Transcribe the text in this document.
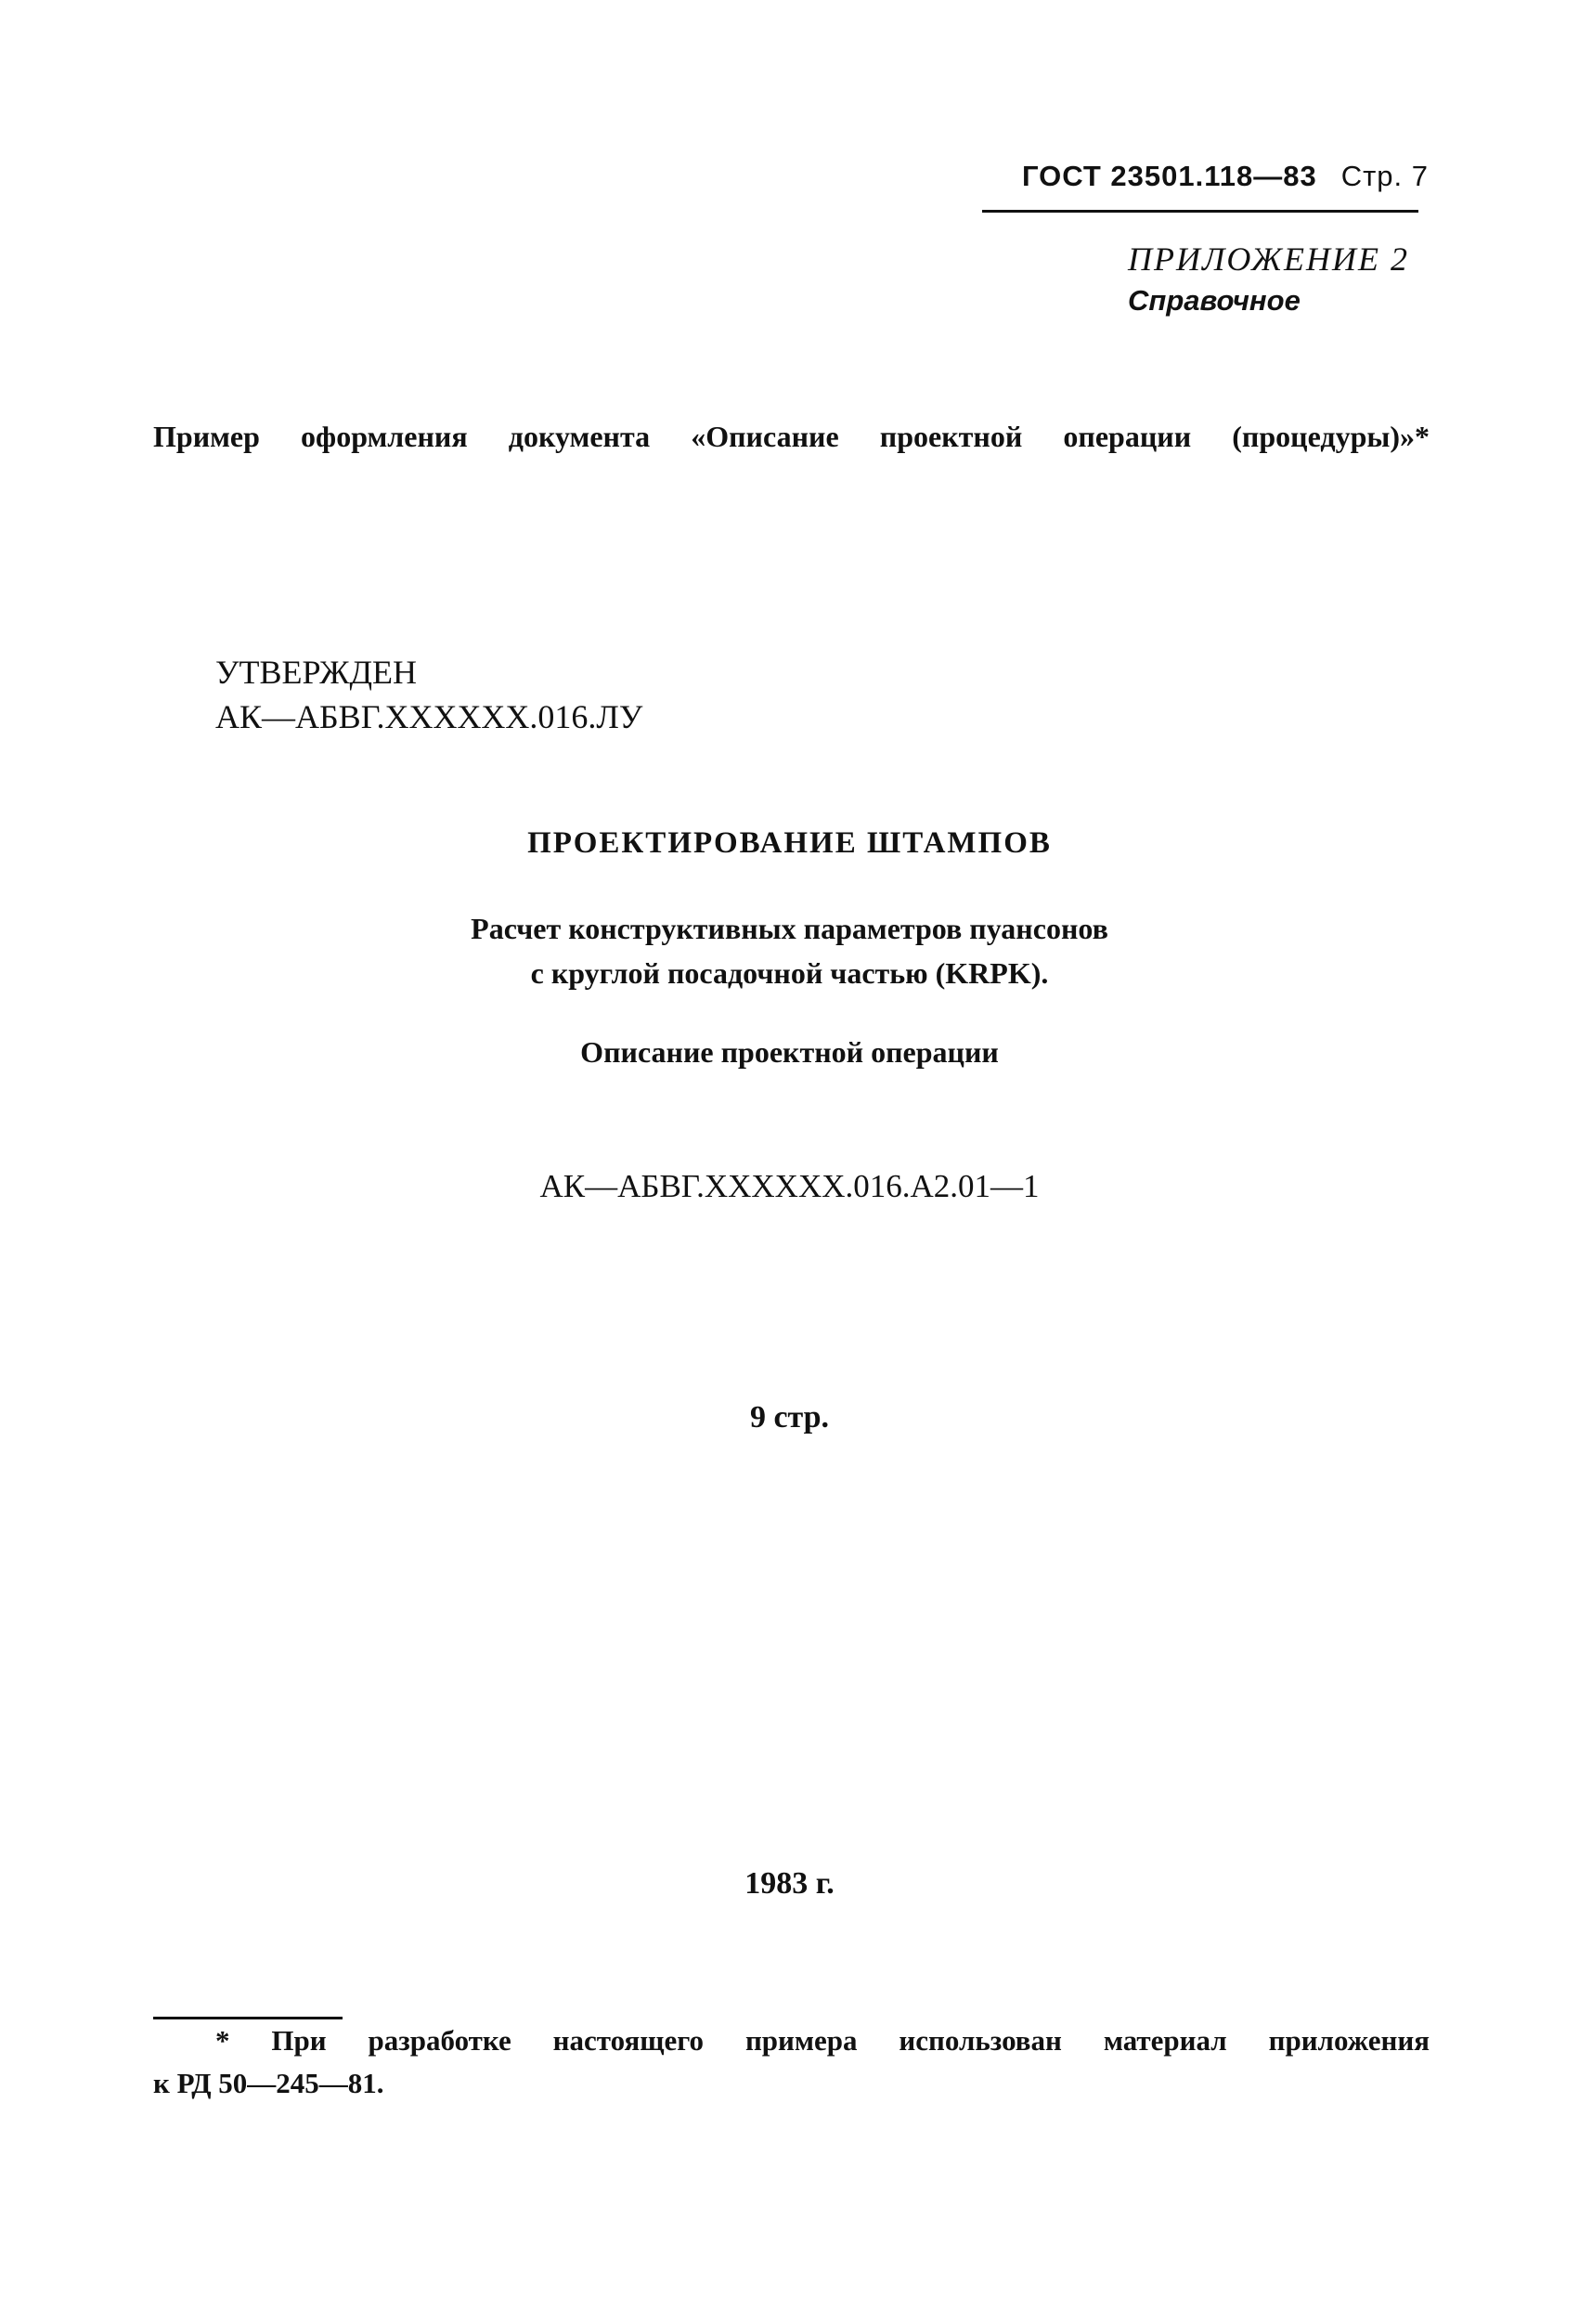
ГОСТ 23501.118—83 Стр. 7
ПРИЛОЖЕНИЕ 2
Справочное
Пример оформления документа «Описание проектной операции (процедуры)»*
УТВЕРЖДЕН
АК—АБВГ.XXXXXX.016.ЛУ
ПРОЕКТИРОВАНИЕ ШТАМПОВ
Расчет конструктивных параметров пуансонов
с круглой посадочной частью (KRPK).
Описание проектной операции
АК—АБВГ.XXXXXX.016.А2.01—1
9 стр.
1983 г.
* При разработке настоящего примера использован материал приложения
к РД 50—245—81.
